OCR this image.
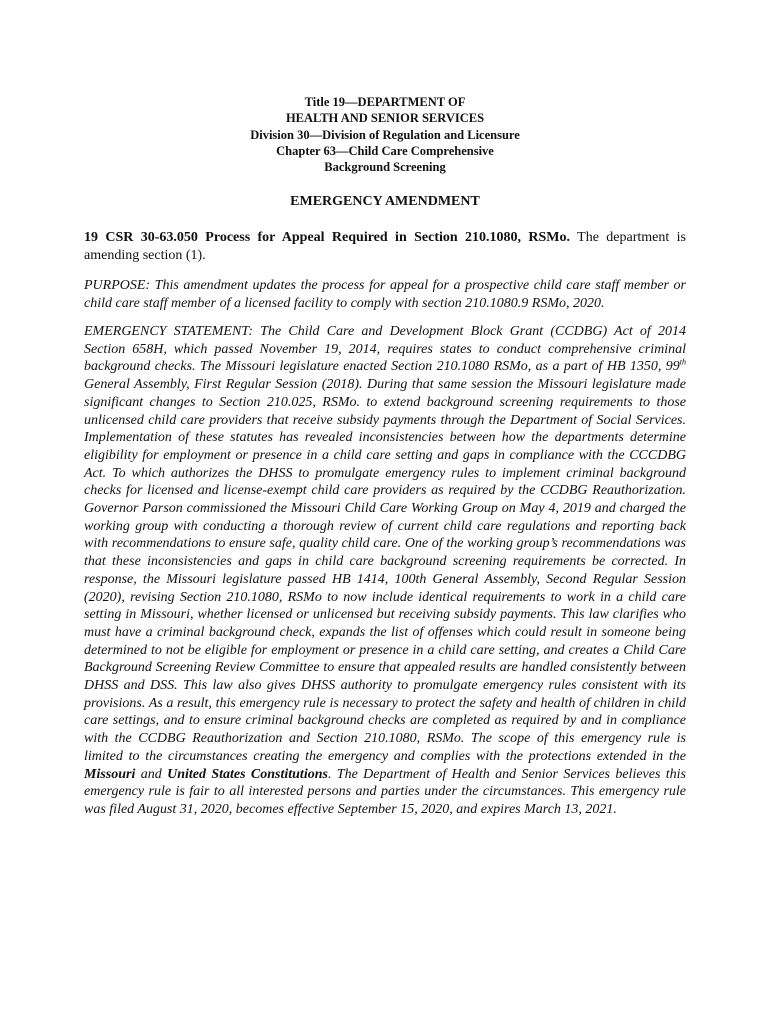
Title 19—DEPARTMENT OF
HEALTH AND SENIOR SERVICES
Division 30—Division of Regulation and Licensure
Chapter 63—Child Care Comprehensive
Background Screening
EMERGENCY AMENDMENT
19 CSR 30-63.050 Process for Appeal Required in Section 210.1080, RSMo. The department is amending section (1).
PURPOSE: This amendment updates the process for appeal for a prospective child care staff member or child care staff member of a licensed facility to comply with section 210.1080.9 RSMo, 2020.
EMERGENCY STATEMENT: The Child Care and Development Block Grant (CCDBG) Act of 2014 Section 658H, which passed November 19, 2014, requires states to conduct comprehensive criminal background checks. The Missouri legislature enacted Section 210.1080 RSMo, as a part of HB 1350, 99th General Assembly, First Regular Session (2018). During that same session the Missouri legislature made significant changes to Section 210.025, RSMo. to extend background screening requirements to those unlicensed child care providers that receive subsidy payments through the Department of Social Services. Implementation of these statutes has revealed inconsistencies between how the departments determine eligibility for employment or presence in a child care setting and gaps in compliance with the CCCDBG Act. To which authorizes the DHSS to promulgate emergency rules to implement criminal background checks for licensed and license-exempt child care providers as required by the CCDBG Reauthorization. Governor Parson commissioned the Missouri Child Care Working Group on May 4, 2019 and charged the working group with conducting a thorough review of current child care regulations and reporting back with recommendations to ensure safe, quality child care. One of the working group’s recommendations was that these inconsistencies and gaps in child care background screening requirements be corrected. In response, the Missouri legislature passed HB 1414, 100th General Assembly, Second Regular Session (2020), revising Section 210.1080, RSMo to now include identical requirements to work in a child care setting in Missouri, whether licensed or unlicensed but receiving subsidy payments. This law clarifies who must have a criminal background check, expands the list of offenses which could result in someone being determined to not be eligible for employment or presence in a child care setting, and creates a Child Care Background Screening Review Committee to ensure that appealed results are handled consistently between DHSS and DSS. This law also gives DHSS authority to promulgate emergency rules consistent with its provisions. As a result, this emergency rule is necessary to protect the safety and health of children in child care settings, and to ensure criminal background checks are completed as required by and in compliance with the CCDBG Reauthorization and Section 210.1080, RSMo. The scope of this emergency rule is limited to the circumstances creating the emergency and complies with the protections extended in the Missouri and United States Constitutions. The Department of Health and Senior Services believes this emergency rule is fair to all interested persons and parties under the circumstances. This emergency rule was filed August 31, 2020, becomes effective September 15, 2020, and expires March 13, 2021.
